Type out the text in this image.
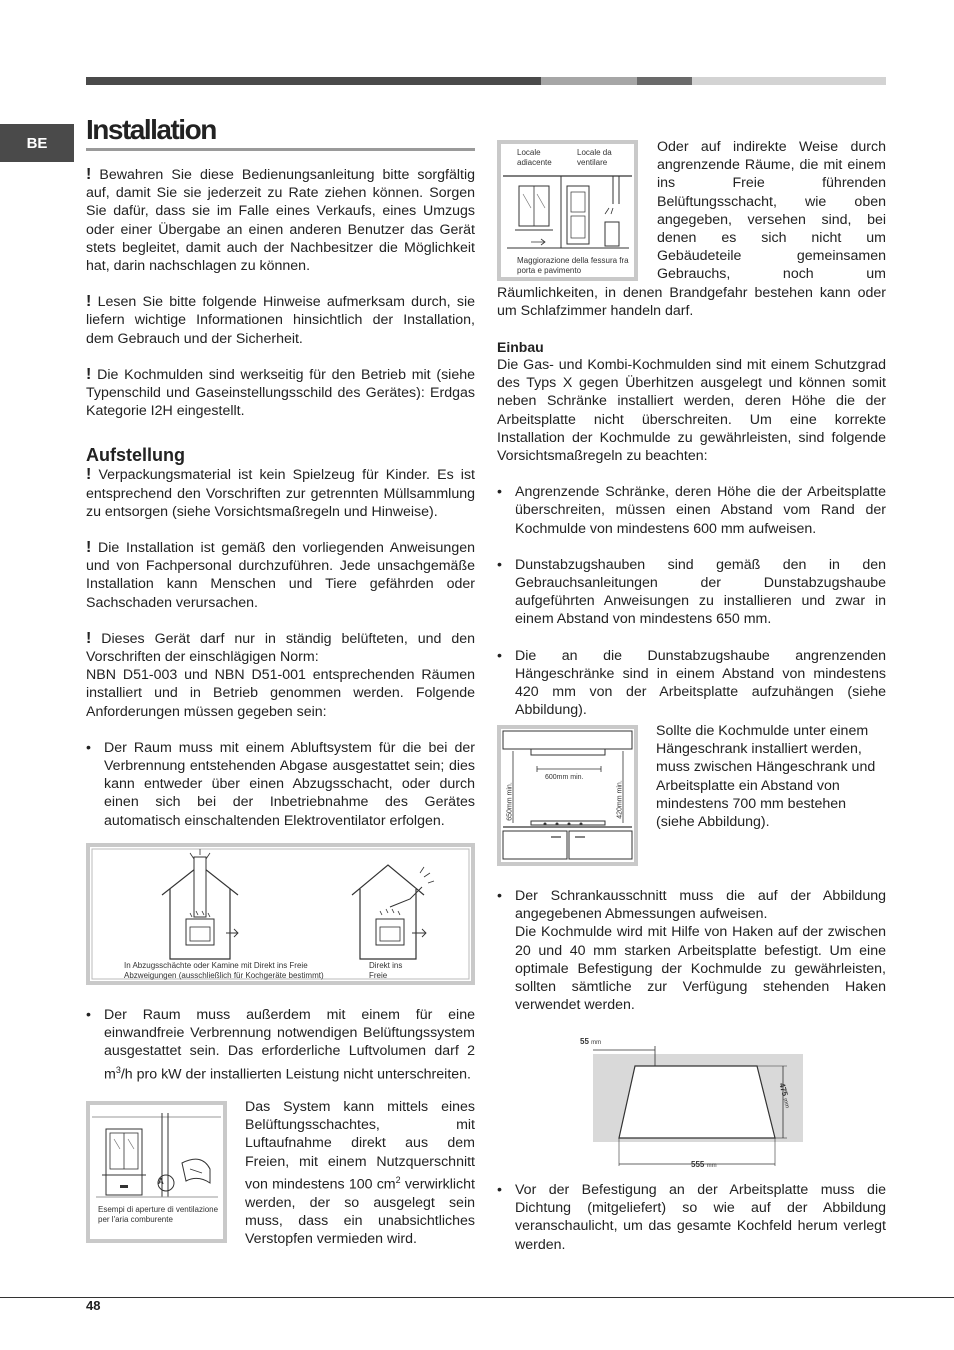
BE	Installation

! Bewahren Sie diese Bedienungsanleitung bitte sorgfältig auf, damit Sie sie jederzeit zu Rate ziehen können. Sorgen Sie dafür, dass sie im Falle eines Verkaufs, eines Umzugs oder einer Übergabe an einen anderen Benutzer das Gerät stets begleitet, damit auch der Nachbesitzer die Möglichkeit hat, darin nachschlagen zu können.

! Lesen Sie bitte folgende Hinweise aufmerksam durch, sie liefern wichtige Informationen hinsichtlich der Installation, dem Gebrauch und der Sicherheit.

! Die Kochmulden sind werkseitig für den Betrieb mit (siehe Typenschild und Gaseinstellungsschild des Gerätes): Erdgas Kategorie I2H eingestellt.

Aufstellung

! Verpackungsmaterial ist kein Spielzeug für Kinder. Es ist entsprechend den Vorschriften zur getrennten Müllsammlung zu entsorgen (siehe Vorsichtsmaßregeln und Hinweise).

! Die Installation ist gemäß den vorliegenden Anweisungen und von Fachpersonal durchzuführen. Jede unsachgemäße Installation kann Menschen und Tiere gefährden oder Sachschaden verursachen.

! Dieses Gerät darf nur in ständig belüfteten, und den Vorschriften der einschlägigen Norm:

NBN D51-003 und NBN D51-001 entsprechenden Räumen installiert und in Betrieb genommen werden. Folgende Anforderungen müssen gegeben sein:

• Der Raum muss mit einem Abluftsystem für die bei der Verbrennung entstehenden Abgase ausgestattet sein; dies kann entweder über einen Abzugsschacht, oder durch einen sich bei der Inbetriebnahme des Gerätes automatisch einschaltenden Elektroventilator erfolgen.
In Abzugsschächte oder Kamine mit Direkt ins Freie Abzweigungen (ausschließlich für Kochgeräte bestimmt)
Direkt ins Freie
• Der Raum muss außerdem mit einem für eine einwandfreie Verbrennung notwendigen Belüftungssystem ausgestattet sein. Das erforderliche Luftvolumen darf 2 $m^3/h$ pro kW der installierten Leistung nicht unterschreiten.
A
Esempi di aperture di ventilazione per l'aria comburente

Das System kann mittels eines Belüftungsschachtes, mit Luftaufnahme direkt aus dem Freien, mit einem Nutzquerschnitt von mindestens 100 $cm^2$ verwirklicht werden, der so ausgelegt sein muss, dass ein unabsichtliches Verstopfen vermieden wird.

Locale adiacente
Locale da ventilare
Maggiorazione della fessura fra porta e pavimento

Oder auf indirekte Weise durch angrenzende Räume, die mit einem ins Freie führenden Belüftungsschacht, wie oben angegeben, versehen sind, bei denen es sich nicht um Gebäudeteile gemeinsamen Gebrauchs, noch um Räumlichkeiten, in denen Brandgefahr bestehen kann oder um Schlafzimmer handeln darf.

Einbau

Die Gas- und Kombi-Kochmulden sind mit einem Schutzgrad des Typs X gegen Überhitzen ausgelegt und können somit neben Schränke installiert werden, deren Höhe die der Arbeitsplatte nicht überschreiten. Um eine korrekte Installation der Kochmulde zu gewährleisten, sind folgende Vorsichtsmaßregeln zu beachten:

• Angrenzende Schränke, deren Höhe die der Arbeitsplatte überschreiten, müssen einen Abstand vom Rand der Kochmulde von mindestens 600 mm aufweisen.
• Dunstabzugshauben sind gemäß den in den Gebrauchsanleitungen der Dunstabzugshaube aufgeführten Anweisungen zu installieren und zwar in einem Abstand von mindestens 650 mm.
• Die an die Dunstabzugshaube angrenzenden Hängeschränke sind in einem Abstand von mindestens 420 mm von der Arbeitsplatte aufzuhängen (siehe Abbildung).
600mm min.
650mm min.	420mm min.

Sollte die Kochmulde unter einem Hängeschrank installiert werden, muss zwischen Hängeschrank und Arbeitsplatte ein Abstand von mindestens 700 mm bestehen (siehe Abbildung).

• Der Schrankausschnitt muss die auf der Abbildung angegebenen Abmessungen aufweisen.
Die Kochmulde wird mit Hilfe von Haken auf der zwischen 20 und 40 mm starken Arbeitsplatte befestigt. Um eine optimale Befestigung der Kochmulde zu gewährleisten, sollten sämtliche zur Verfügung stehenden Haken verwendet werden.
55 mm
475 mm
555 mm
• Vor der Befestigung an der Arbeitsplatte muss die Dichtung (mitgeliefert) so wie auf der Abbildung veranschaulicht, um das gesamte Kochfeld herum verlegt werden.
48
